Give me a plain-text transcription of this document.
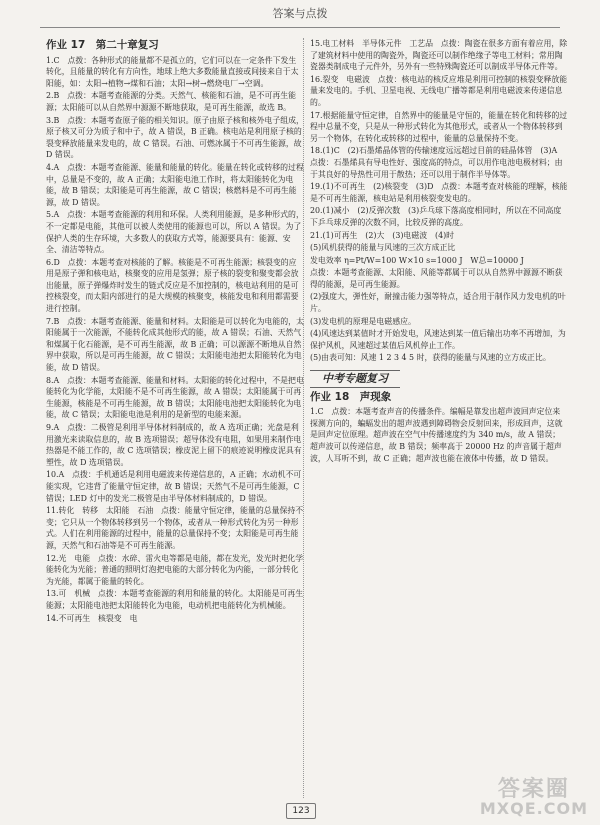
答案与点拨
作业 17　第二十章复习
1.C　点拨：各种形式的能量都不是孤立的，它们可以在一定条件下发生转化，且能量的转化有方向性，地球上绝大多数能量直接或间接来自于太阳能，如：太阳→植物→煤和石油；太阳→树→燃烧电厂→空调。
2.B　点拨：本题考查能源的分类。天然气、核能和石油，是不可再生能源；太阳能可以从自然界中源源不断地获取，是可再生能源，故选 B。
3.B　点拨：本题考查原子能的相关知识。原子由原子核和核外电子组成，原子核又可分为质子和中子，故 A 错误，B 正确。核电站是利用原子核的裂变释放能量来发电的，故 C 错误。石油、可燃冰属于不可再生能源，故 D 错误。
4.A　点拨：本题考查能源、能量和能量的转化。能量在转化或转移的过程中，总量是不变的，故 A 正确；太阳能电池工作时，将太阳能转化为电能，故 B 错误；太阳能是可再生能源，故 C 错误；核燃料是不可再生能源，故 D 错误。
5.A　点拨：本题考查能源的利用和环保。人类利用能源，是多种形式的，不一定都是电能，其他可以被人类使用的能源也可以，所以 A 错误。为了保护人类的生存环境，大多数人的获取方式等，能源要具有：能源、安全、清洁等特点。
6.D　点拨：本题考查对核能的了解。核能是不可再生能源；核裂变的应用是原子弹和核电站，核聚变的应用是氢弹；原子核的裂变和聚变都会放出能量，原子弹爆炸时发生的链式反应是不加控制的，核电站利用的是可控核裂变，而太阳内部进行的是大规模的核聚变，核能发电和利用都需要进行控制。
7.B　点拨：本题考查能源、能量和材料。太阳能是可以转化为电能的，太阳能属于一次能源，不能转化成其他形式的能，故 A 错误；石油、天然气和煤属于化石能源，是不可再生能源，故 B 正确；可以源源不断地从自然界中获取，所以是可再生能源，故 C 错误；太阳能电池把太阳能转化为电能，故 D 错误。
8.A　点拨：本题考查能源、能量和材料。太阳能的转化过程中，不是把电能转化为化学能，太阳能不是不可再生能源，故 A 错误；太阳能属于可再生能源，核能是不可再生能源，故 B 错误；太阳能电池把太阳能转化为电能，故 C 错误；太阳能电池是利用的是新型的电能来源。
9.A　点拨：二极管是利用半导体材料制成的，故 A 选项正确；光盘是利用激光来读取信息的，故 B 选项错误；超导体没有电阻，如果用来制作电热器是不能工作的，故 C 选项错误；橡皮泥上留下的痕迹说明橡皮泥具有塑性，故 D 选项错误。
10.A　点拨：手机通话是利用电磁波来传递信息的，A 正确；水动机不可能实现，它违背了能量守恒定律，故 B 错误；天然气不是可再生能源，C 错误；LED 灯中的发光二极管是由半导体材料制成的，D 错误。
11.转化　转移　太阳能　石油　点拨：能量守恒定律，能量的总量保持不变；它只从一个物体转移到另一个物体，或者从一种形式转化为另一种形式。人们在利用能源的过程中，能量的总量保持不变；太阳能是可再生能源，天然气和石油等是不可再生能源。
12.光　电能　点拨：水碎、雷火电等都是电能，都在发光，发光时把化学能转化为光能；普通的照明灯泡把电能的大部分转化为内能，一部分转化为光能，都属于能量的转化。
13.可　机械　点拨：本题考查能源的利用和能量的转化。太阳能是可再生能源；太阳能电池把太阳能转化为电能，电动机把电能转化为机械能。
14.不可再生　核裂变　电
15.电工材料　半导体元件　工艺品　点拨：陶瓷在很多方面有着应用，除了建筑材料中使用的陶瓷外，陶瓷还可以制作绝缘子等电工材料；常用陶瓷器类制成电子元件外，另外有一些特殊陶瓷还可以制成半导体元件等。
16.裂变　电磁波　点拨：核电站的核反应堆是利用可控制的核裂变释放能量来发电的。手机、卫星电视、无线电广播等都是利用电磁波来传递信息的。
17.根据能量守恒定律，自然界中的能量是守恒的，能量在转化和转移的过程中总量不变，只是从一种形式转化为其他形式，或者从一个物体转移到另一个物体，在转化或转移的过程中，能量的总量保持不变。
18.(1)C　(2)石墨烯晶体管的传输速度远远超过目前的硅晶体管　(3)A　点拨：石墨烯具有导电性好、强度高的特点，可以用作电池电极材料；由于其良好的导热性可用于散热；还可以用于制作半导体等。
19.(1)不可再生　(2)核裂变　(3)D　点拨：本题考查对核能的理解，核能是不可再生能源，核电站是利用核裂变发电的。
20.(1)减小　(2)反弹次数　(3)乒乓球下落高度相同时，所以在不同高度下乒乓球反弹的次数不同，比较反弹的高度。
21.(1)可再生　(2)大　(3)电磁波　(4)时
(5)风机获得的能量与风速的三次方成正比
发电效率 η=Pt/W=100 W×10 s=1000 J　W总=10000 J
点拨：本题考查能源、太阳能、风能等都属于可以从自然界中源源不断获得的能源，是可再生能源。
(2)强度大，弹性好，耐撞击能力强等特点，适合用于制作风力发电机的叶片。
(3)发电机的原理是电磁感应。
(4)风速达到某值时才开始发电，风速达到某一值后输出功率不再增加，为保护风机，风速超过某值后风机停止工作。
(5)由表可知：风速 1 2 3 4 5 时，获得的能量与风速的立方成正比。
中考专题复习
作业 18　声现象
1.C　点拨：本题考查声音的传播条件。编幅是靠发出超声波回声定位来探测方向的，蝙蝠发出的超声波遇到障碍物会反射回来，形成回声，这就是回声定位原理。超声波在空气中传播速度约为 340 m/s，故 A 错误；超声波可以传递信息，故 B 错误；频率高于 20000 Hz 的声音属于超声波，人耳听不到，故 C 正确；超声波也能在液体中传播，故 D 错误。
123
答案圈
MXQE.COM
